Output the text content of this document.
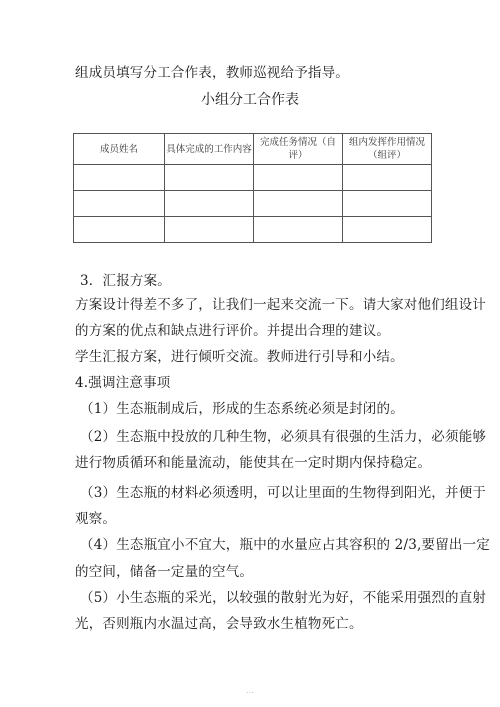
组成员填写分工合作表，教师巡视给予指导。
小组分工合作表
成员姓名	具体完成的工作内容	完成任务情况（自评）	组内发挥作用情况（组评）

3．汇报方案。
方案设计得差不多了，让我们一起来交流一下。请大家对他们组设计
的方案的优点和缺点进行评价。并提出合理的建议。
学生汇报方案，进行倾听交流。教师进行引导和小结。
4.强调注意事项
（1）生态瓶制成后，形成的生态系统必须是封闭的。
（2）生态瓶中投放的几种生物，必须具有很强的生活力，必须能够
进行物质循环和能量流动，能使其在一定时期内保持稳定。
（3）生态瓶的材料必须透明，可以让里面的生物得到阳光，并便于
观察。
（4）生态瓶宜小不宜大，瓶中的水量应占其容积的 2/3,要留出一定
的空间，储备一定量的空气。
（5）小生态瓶的采光，以较强的散射光为好，不能采用强烈的直射
光，否则瓶内水温过高，会导致水生植物死亡。
…
